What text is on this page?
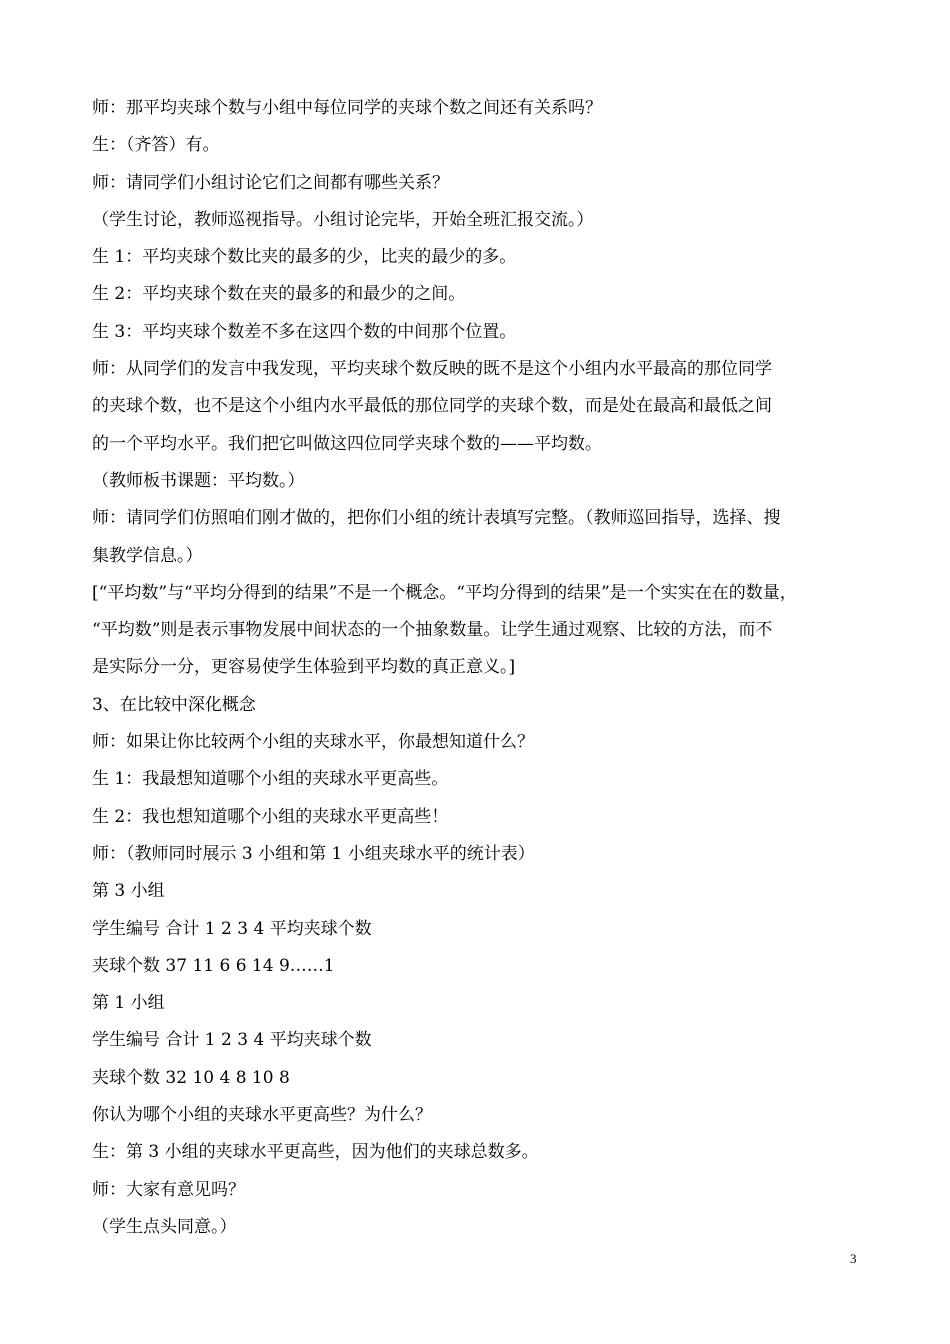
师：那平均夹球个数与小组中每位同学的夹球个数之间还有关系吗？
生：（齐答）有。
师：请同学们小组讨论它们之间都有哪些关系？
（学生讨论，教师巡视指导。小组讨论完毕，开始全班汇报交流。）
生 1：平均夹球个数比夹的最多的少，比夹的最少的多。
生 2：平均夹球个数在夹的最多的和最少的之间。
生 3：平均夹球个数差不多在这四个数的中间那个位置。
师：从同学们的发言中我发现，平均夹球个数反映的既不是这个小组内水平最高的那位同学
的夹球个数，也不是这个小组内水平最低的那位同学的夹球个数，而是处在最高和最低之间
的一个平均水平。我们把它叫做这四位同学夹球个数的——平均数。
（教师板书课题：平均数。）
师：请同学们仿照咱们刚才做的，把你们小组的统计表填写完整。（教师巡回指导，选择、搜
集教学信息。）
[“平均数”与“平均分得到的结果”不是一个概念。“平均分得到的结果”是一个实实在在的数量，
“平均数”则是表示事物发展中间状态的一个抽象数量。让学生通过观察、比较的方法，而不
是实际分一分，更容易使学生体验到平均数的真正意义。]
3、在比较中深化概念
师：如果让你比较两个小组的夹球水平，你最想知道什么？
生 1：我最想知道哪个小组的夹球水平更高些。
生 2：我也想知道哪个小组的夹球水平更高些！
师：（教师同时展示 3 小组和第 1 小组夹球水平的统计表）
第 3 小组
学生编号 合计 1 2 3 4 平均夹球个数
夹球个数 37 11 6 6 14 9……1
第 1 小组
学生编号 合计 1 2 3 4 平均夹球个数
夹球个数 32 10 4 8 10 8
你认为哪个小组的夹球水平更高些？为什么？
生：第 3 小组的夹球水平更高些，因为他们的夹球总数多。
师：大家有意见吗？
（学生点头同意。）
3
